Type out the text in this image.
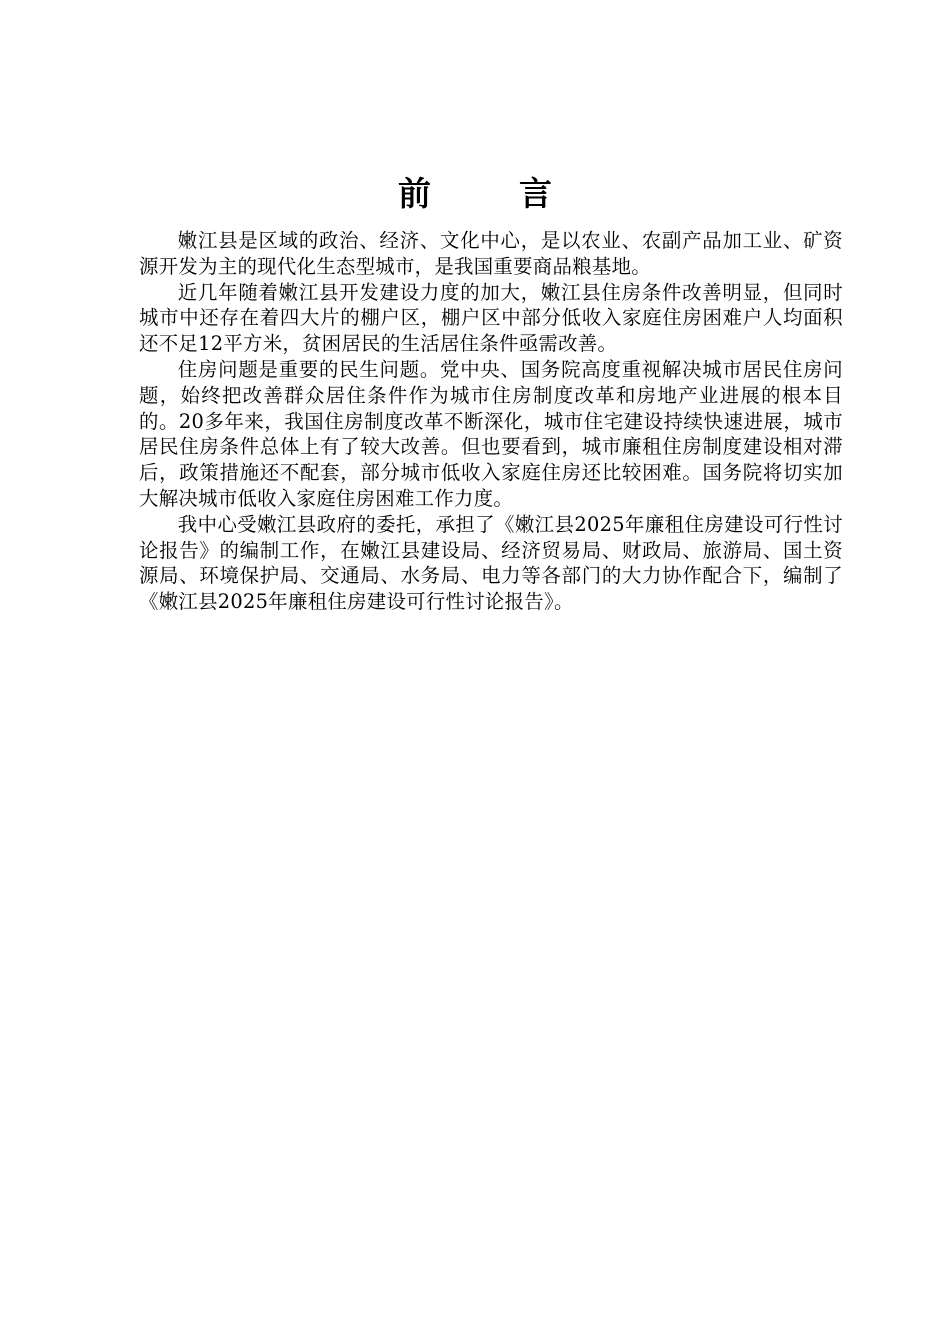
前言

嫩江县是区域的政治、经济、文化中心，是以农业、农副产品加工业、矿资源开发为主的现代化生态型城市，是我国重要商品粮基地。

近几年随着嫩江县开发建设力度的加大，嫩江县住房条件改善明显，但同时城市中还存在着四大片的棚户区，棚户区中部分低收入家庭住房困难户人均面积还不足12平方米，贫困居民的生活居住条件亟需改善。

住房问题是重要的民生问题。党中央、国务院高度重视解决城市居民住房问题，始终把改善群众居住条件作为城市住房制度改革和房地产业进展的根本目的。20多年来，我国住房制度改革不断深化，城市住宅建设持续快速进展，城市居民住房条件总体上有了较大改善。但也要看到，城市廉租住房制度建设相对滞后，政策措施还不配套，部分城市低收入家庭住房还比较困难。国务院将切实加大解决城市低收入家庭住房困难工作力度。

我中心受嫩江县政府的委托，承担了《嫩江县2025年廉租住房建设可行性讨论报告》的编制工作，在嫩江县建设局、经济贸易局、财政局、旅游局、国土资源局、环境保护局、交通局、水务局、电力等各部门的大力协作配合下，编制了《嫩江县2025年廉租住房建设可行性讨论报告》。
